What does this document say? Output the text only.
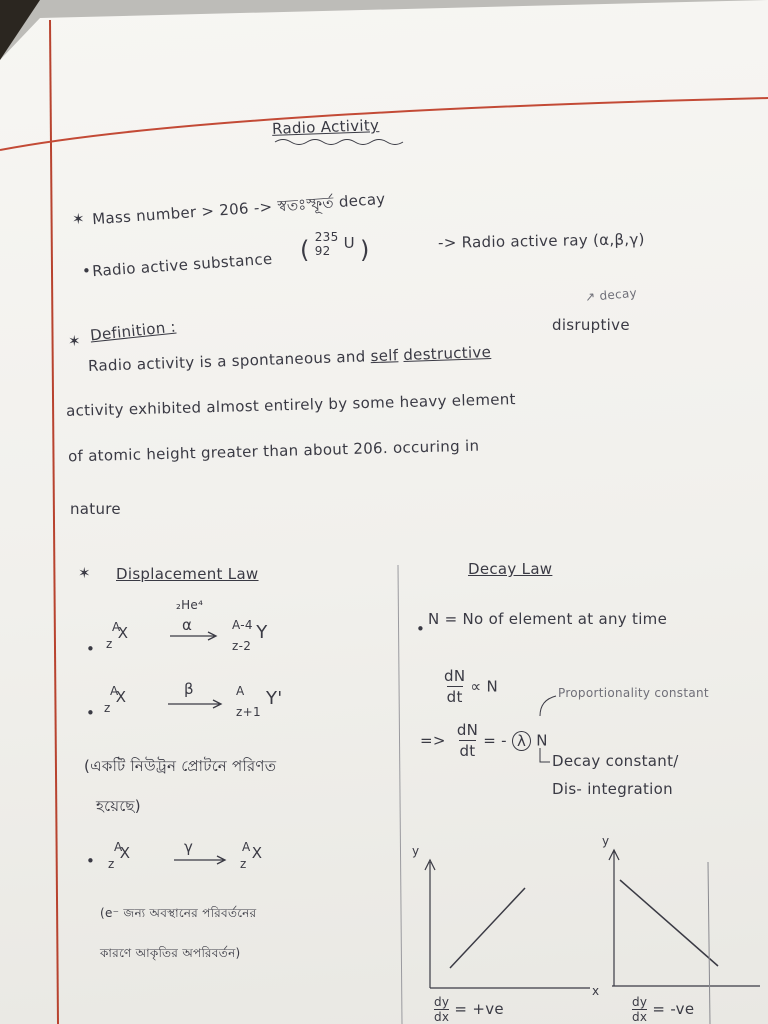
Radio Activity
✶ Mass number > 206 -> স্বতঃস্ফূর্ত decay
• Radio active substance ( 235
92 U )	-> Radio active ray (α,β,γ)
✶ Definition :
↗ decay
disruptive
Radio activity is a spontaneous and self destructive
activity exhibited almost entirely by some heavy element
of atomic height greater than about 206. occuring in
nature
✶ Displacement Law
•
A
z X
₂He⁴
α	A-4
z-2 Y
•
A
z X	β	A
z+1 Y'
(একটি নিউট্রন প্রোটনে পরিণত
হয়েছে)
•
A
z X	γ	A
z X
(e⁻ জন্য অবস্থানের পরিবর্তনের
কারণে আকৃতির অপরিবর্তন)
Decay Law
•
N = No of element at any time
$\frac{dN}{dt} \propto N$	Proportionality constant
=> $\frac{dN}{dt}$ = - λ N
Decay constant/
Dis- integration
y
$\frac{dy}{dx} = +ve$
y
x
$\frac{dy}{dx} = -ve$
